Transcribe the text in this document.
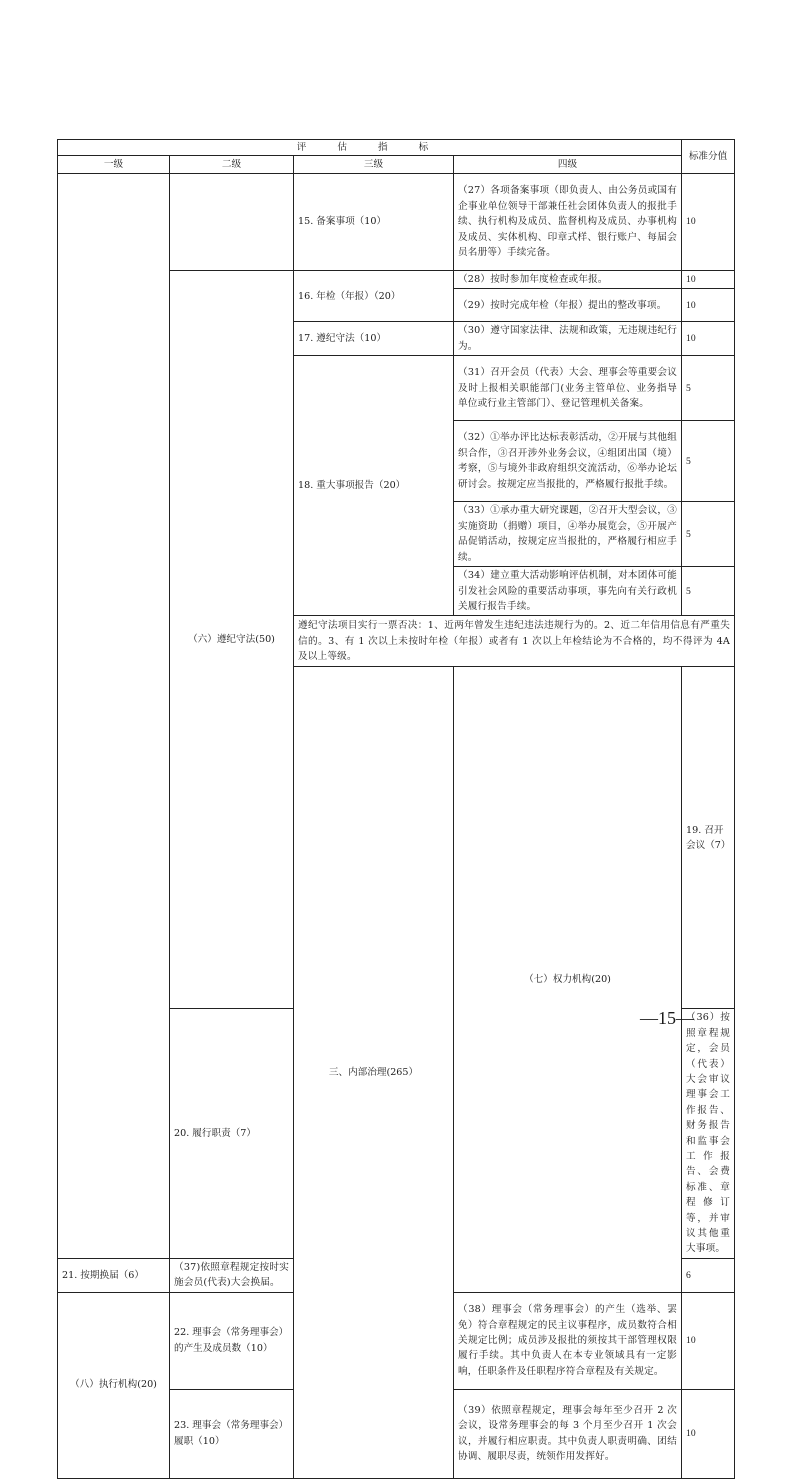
评 估 指 标				标准分值	
一级	二级	三级	四级		
		15. 备案事项（10）	（27）各项备案事项（即负责人、由公务员或国有企事业单位领导干部兼任社会团体负责人的报批手续、执行机构及成员、监督机构及成员、办事机构及成员、实体机构、印章式样、银行账户、每届会员名册等）手续完备。	10	
	（六）遵纪守法(50)	16. 年检（年报）（20）	（28）按时参加年度检查或年报。	10	
			（29）按时完成年检（年报）提出的整改事项。	10	
		17. 遵纪守法（10）	（30）遵守国家法律、法规和政策，无违规违纪行为。	10	
		18. 重大事项报告（20）	（31）召开会员（代表）大会、理事会等重要会议及时上报相关职能部门(业务主管单位、业务指导单位或行业主管部门）、登记管理机关备案。	5	
			（32）①举办评比达标表彰活动，②开展与其他组织合作，③召开涉外业务会议，④组团出国（境）考察，⑤与境外非政府组织交流活动，⑥举办论坛研讨会。按规定应当报批的，严格履行报批手续。	5	
			（33）①承办重大研究课题，②召开大型会议，③实施资助（捐赠）项目，④举办展览会，⑤开展产品促销活动，按规定应当报批的，严格履行相应手续。	5	
			（34）建立重大活动影响评估机制，对本团体可能引发社会风险的重要活动事项，事先向有关行政机关履行报告手续。	5	
		遵纪守法项目实行一票否决：1、近两年曾发生违纪违法违规行为的。2、近二年信用信息有严重失信的。3、有 1 次以上未按时年检（年报）或者有 1 次以上年检结论为不合格的，均不得评为 4A 及以上等级。			
		三、内部治理(265）	（七）权力机构(20)	19. 召开会议（7）		
	20. 履行职责（7）			（36）按照章程规定，会员（代表）大会审议理事会工作报告、财务报告和监事会工作报告、会费标准、章程修订等，并审议其他重大事项。	
21. 按期换届（6）	（37)依照章程规定按时实施会员(代表)大会换届。			6	
（八）执行机构(20)	22. 理事会（常务理事会）的产生及成员数（10）		（38）理事会（常务理事会）的产生（选举、罢免）符合章程规定的民主议事程序，成员数符合相关规定比例；成员涉及报批的须按其干部管理权限履行手续。其中负责人在本专业领域具有一定影响，任职条件及任职程序符合章程及有关规定。	10	
	23. 理事会（常务理事会）履职（10）		（39）依照章程规定，理事会每年至少召开 2 次会议，设常务理事会的每 3 个月至少召开 1 次会议，并履行相应职责。其中负责人职责明确、团结协调、履职尽责，统领作用发挥好。	10	
—15—
